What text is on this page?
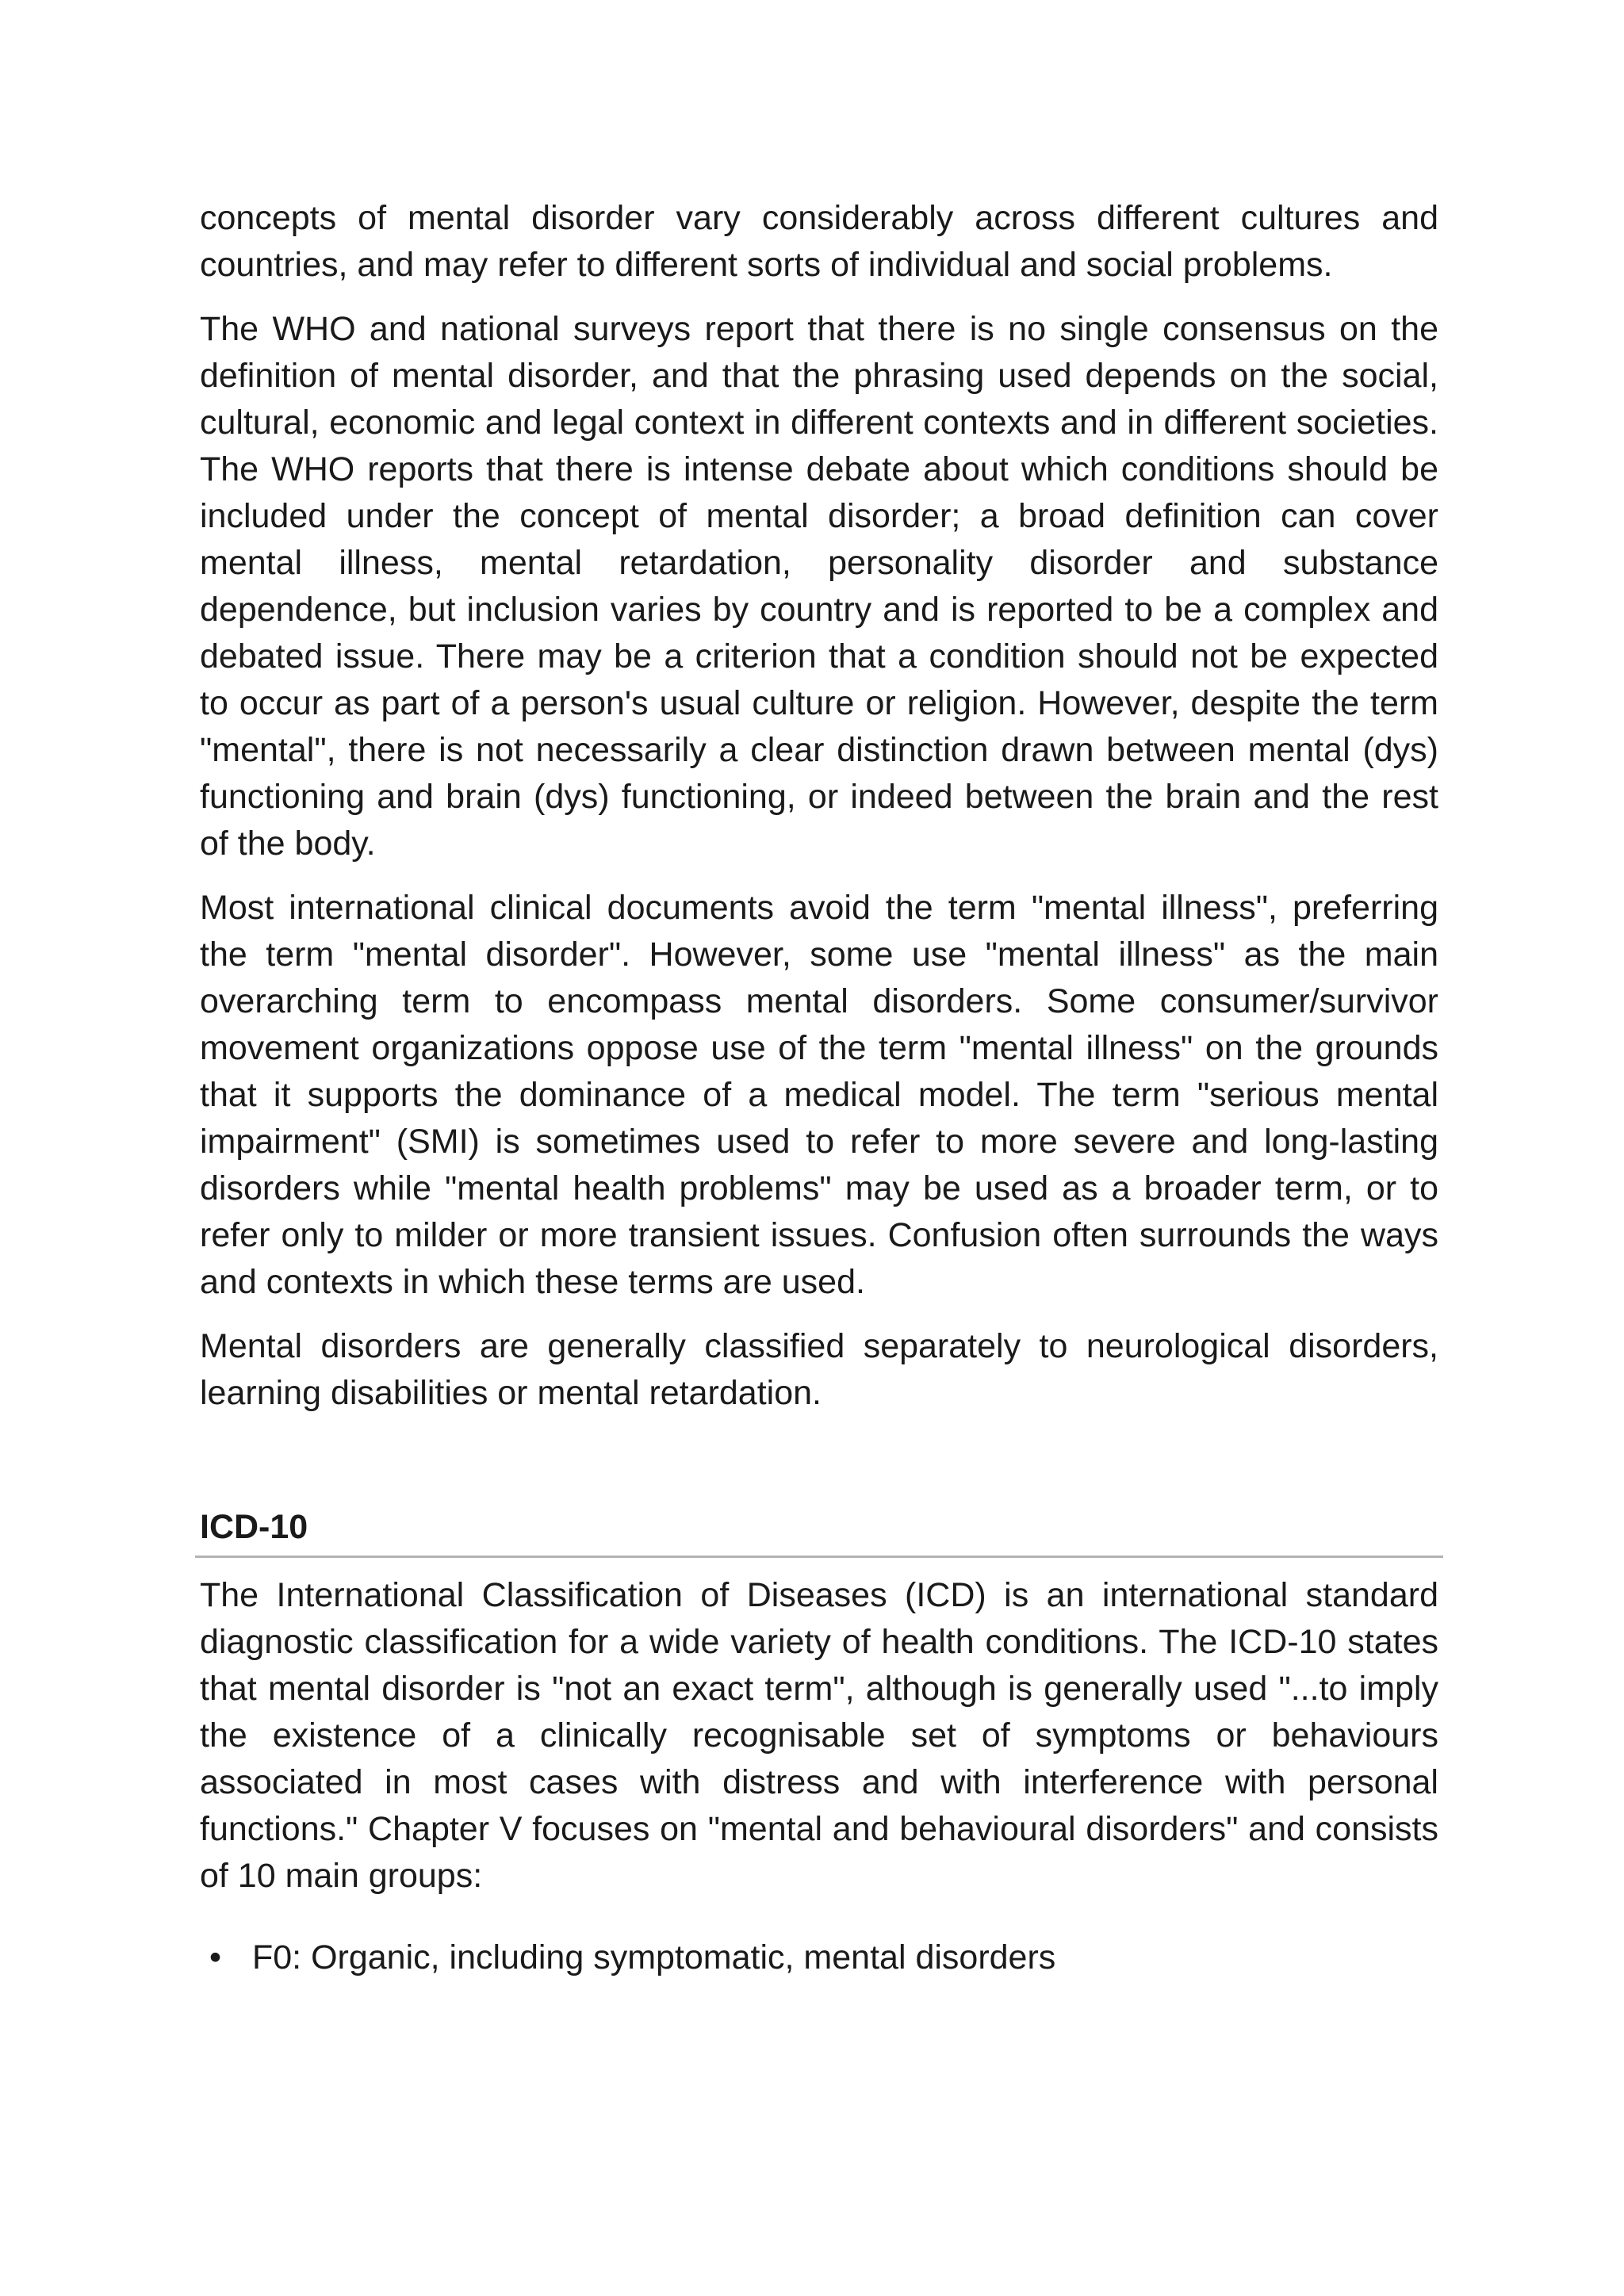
concepts of mental disorder vary considerably across different cultures and countries, and may refer to different sorts of individual and social problems.

The WHO and national surveys report that there is no single consensus on the definition of mental disorder, and that the phrasing used depends on the social, cultural, economic and legal context in different contexts and in different societies. The WHO reports that there is intense debate about which conditions should be included under the concept of mental disorder; a broad definition can cover mental illness, mental retardation, personality disorder and substance dependence, but inclusion varies by country and is reported to be a complex and debated issue. There may be a criterion that a condition should not be expected to occur as part of a person's usual culture or religion. However, despite the term "mental", there is not necessarily a clear distinction drawn between mental (dys) functioning and brain (dys) functioning, or indeed between the brain and the rest of the body.

Most international clinical documents avoid the term "mental illness", preferring the term "mental disorder". However, some use "mental illness" as the main overarching term to encompass mental disorders. Some consumer/survivor movement organizations oppose use of the term "mental illness" on the grounds that it supports the dominance of a medical model. The term "serious mental impairment" (SMI) is sometimes used to refer to more severe and long-lasting disorders while "mental health problems" may be used as a broader term, or to refer only to milder or more transient issues. Confusion often surrounds the ways and contexts in which these terms are used.

Mental disorders are generally classified separately to neurological disorders, learning disabilities or mental retardation.

ICD-10

The International Classification of Diseases (ICD) is an international standard diagnostic classification for a wide variety of health conditions. The ICD-10 states that mental disorder is "not an exact term", although is generally used "...to imply the existence of a clinically recognisable set of symptoms or behaviours associated in most cases with distress and with interference with personal functions." Chapter V focuses on "mental and behavioural disorders" and consists of 10 main groups:

• F0: Organic, including symptomatic, mental disorders
